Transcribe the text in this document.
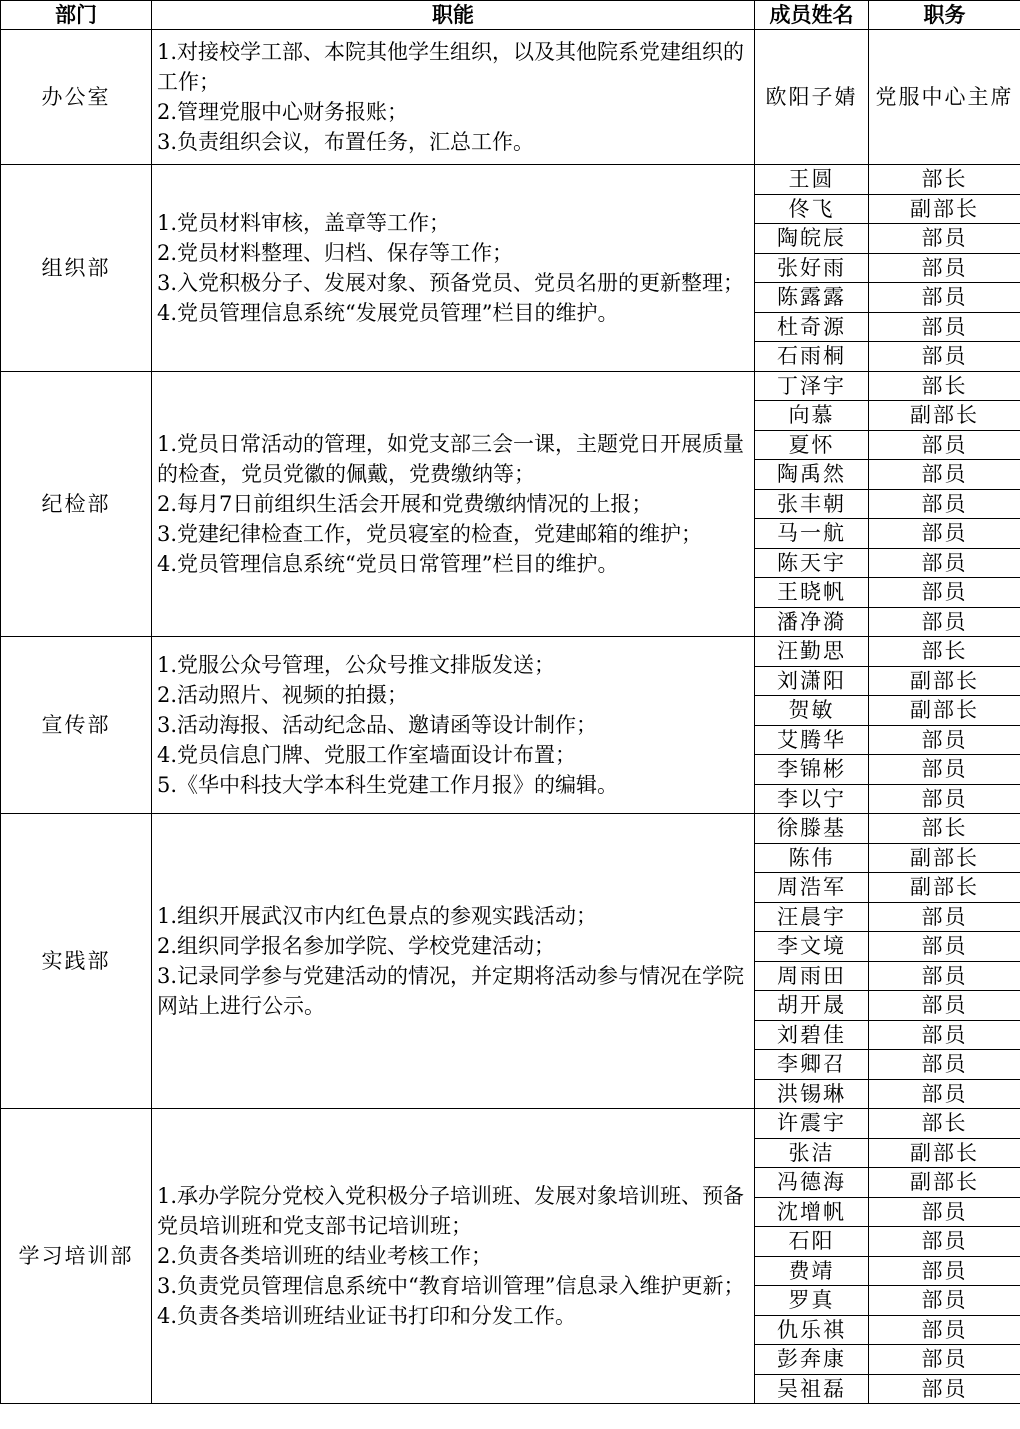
部门	职能	成员姓名	职务
办公室	1.对接校学工部、本院其他学生组织，以及其他院系党建组织的工作；
2.管理党服中心财务报账；
3.负责组织会议，布置任务，汇总工作。	欧阳子婧	党服中心主席
组织部	1.党员材料审核，盖章等工作；
2.党员材料整理、归档、保存等工作；
3.入党积极分子、发展对象、预备党员、党员名册的更新整理；
4.党员管理信息系统“发展党员管理”栏目的维护。	王圆	部长
		佟飞	副部长
		陶皖辰	部员
		张好雨	部员
		陈露露	部员
		杜奇源	部员
		石雨桐	部员
纪检部	1.党员日常活动的管理，如党支部三会一课，主题党日开展质量的检查，党员党徽的佩戴，党费缴纳等；
2.每月7日前组织生活会开展和党费缴纳情况的上报；
3.党建纪律检查工作，党员寝室的检查，党建邮箱的维护；
4.党员管理信息系统“党员日常管理”栏目的维护。	丁泽宇	部长
		向慕	副部长
		夏怀	部员
		陶禹然	部员
		张丰朝	部员
		马一航	部员
		陈天宇	部员
		王晓帆	部员
		潘净漪	部员
宣传部	1.党服公众号管理，公众号推文排版发送；
2.活动照片、视频的拍摄；
3.活动海报、活动纪念品、邀请函等设计制作；
4.党员信息门牌、党服工作室墙面设计布置；
5.《华中科技大学本科生党建工作月报》的编辑。	汪勤思	部长
		刘潇阳	副部长
		贺敏	副部长
		艾腾华	部员
		李锦彬	部员
		李以宁	部员
实践部	1.组织开展武汉市内红色景点的参观实践活动；
2.组织同学报名参加学院、学校党建活动；
3.记录同学参与党建活动的情况，并定期将活动参与情况在学院网站上进行公示。	徐滕基	部长
		陈伟	副部长
		周浩军	副部长
		汪晨宇	部员
		李文境	部员
		周雨田	部员
		胡开晟	部员
		刘碧佳	部员
		李卿召	部员
		洪锡琳	部员
学习培训部	1.承办学院分党校入党积极分子培训班、发展对象培训班、预备党员培训班和党支部书记培训班；
2.负责各类培训班的结业考核工作；
3.负责党员管理信息系统中“教育培训管理”信息录入维护更新；
4.负责各类培训班结业证书打印和分发工作。	许震宇	部长
		张洁	副部长
		冯德海	副部长
		沈增帆	部员
		石阳	部员
		费靖	部员
		罗真	部员
		仇乐祺	部员
		彭奔康	部员
		吴祖磊	部员
